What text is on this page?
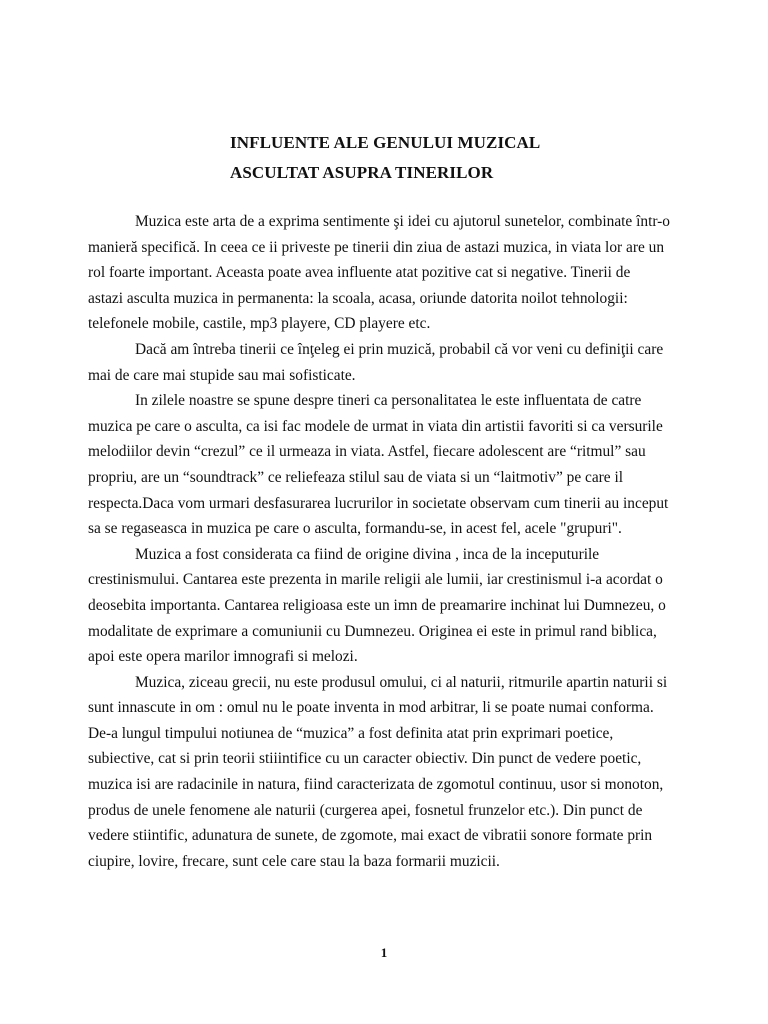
INFLUENTE ALE GENULUI MUZICAL
ASCULTAT ASUPRA TINERILOR
Muzica este arta de a exprima sentimente şi idei cu ajutorul sunetelor, combinate într-o
manieră specifică. In ceea ce ii priveste pe tinerii din ziua de astazi muzica, in viata lor are un
rol foarte important. Aceasta poate avea influente atat pozitive cat si negative. Tinerii de
astazi asculta muzica in permanenta: la scoala, acasa, oriunde datorita noilot tehnologii:
telefonele mobile, castile, mp3 playere, CD playere etc.
Dacă am întreba tinerii ce înţeleg ei prin muzică, probabil că vor veni cu definiţii care
mai de care mai stupide sau mai sofisticate.
In zilele noastre se spune despre tineri ca personalitatea le este influentata de catre
muzica pe care o asculta, ca isi fac modele de urmat in viata din artistii favoriti si ca versurile
melodiilor devin “crezul” ce il urmeaza in viata. Astfel, fiecare adolescent are “ritmul” sau
propriu, are un “soundtrack” ce reliefeaza stilul sau de viata si un “laitmotiv” pe care il
respecta.Daca vom urmari desfasurarea lucrurilor in societate observam cum tinerii au inceput
sa se regaseasca in muzica pe care o asculta, formandu-se, in acest fel, acele "grupuri".
Muzica a fost considerata ca fiind de origine divina , inca de la inceputurile
crestinismului. Cantarea este prezenta in marile religii ale lumii, iar crestinismul i-a acordat o
deosebita importanta. Cantarea religioasa este un imn de preamarire inchinat lui Dumnezeu, o
modalitate de exprimare a comuniunii cu Dumnezeu. Originea ei este in primul rand biblica,
apoi este opera marilor imnografi si melozi.
Muzica, ziceau grecii, nu este produsul omului, ci al naturii, ritmurile apartin naturii si
sunt innascute in om : omul nu le poate inventa in mod arbitrar, li se poate numai conforma.
De-a lungul timpului notiunea de “muzica” a fost definita atat prin exprimari poetice,
subiective, cat si prin teorii stiiintifice cu un caracter obiectiv. Din punct de vedere poetic,
muzica isi are radacinile in natura, fiind caracterizata de zgomotul continuu, usor si monoton,
produs de unele fenomene ale naturii (curgerea apei, fosnetul frunzelor etc.). Din punct de
vedere stiintific, adunatura de sunete, de zgomote, mai exact de vibratii sonore formate prin
ciupire, lovire, frecare, sunt cele care stau la baza formarii muzicii.
1
